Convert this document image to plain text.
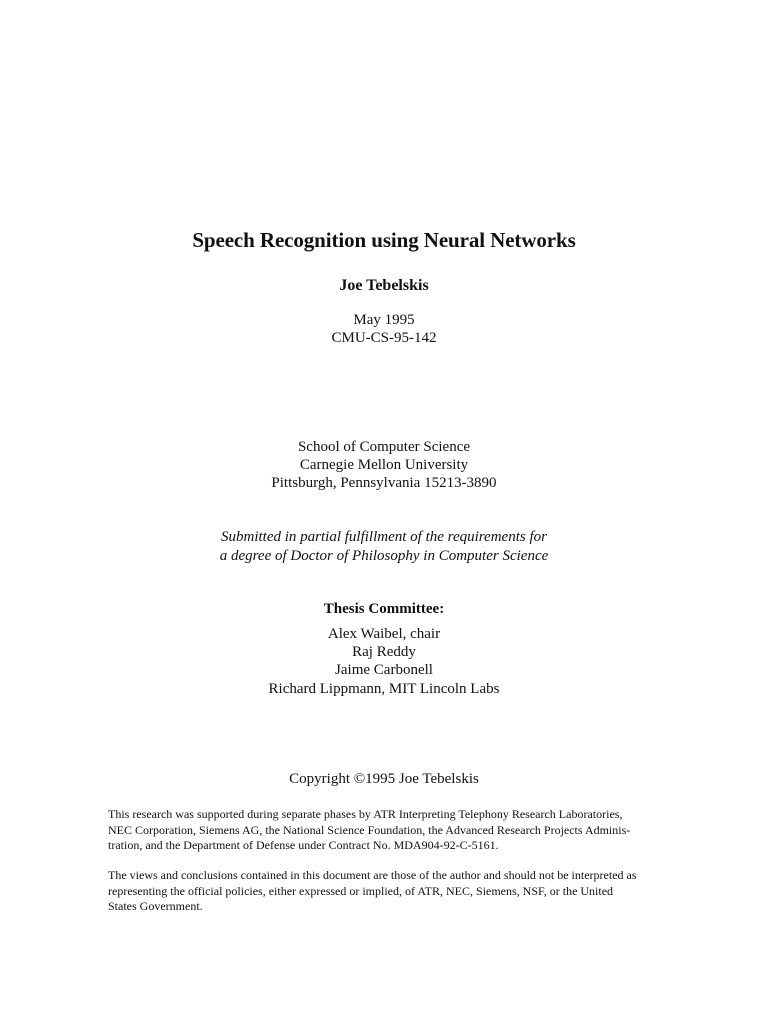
Speech Recognition using Neural Networks
Joe Tebelskis
May 1995
CMU-CS-95-142
School of Computer Science
Carnegie Mellon University
Pittsburgh, Pennsylvania 15213-3890
Submitted in partial fulfillment of the requirements for
a degree of Doctor of Philosophy in Computer Science
Thesis Committee:
Alex Waibel, chair
Raj Reddy
Jaime Carbonell
Richard Lippmann, MIT Lincoln Labs
Copyright ©1995 Joe Tebelskis
This research was supported during separate phases by ATR Interpreting Telephony Research Laboratories,
NEC Corporation, Siemens AG, the National Science Foundation, the Advanced Research Projects Adminis-
tration, and the Department of Defense under Contract No. MDA904-92-C-5161.
The views and conclusions contained in this document are those of the author and should not be interpreted as
representing the official policies, either expressed or implied, of ATR, NEC, Siemens, NSF, or the United
States Government.
